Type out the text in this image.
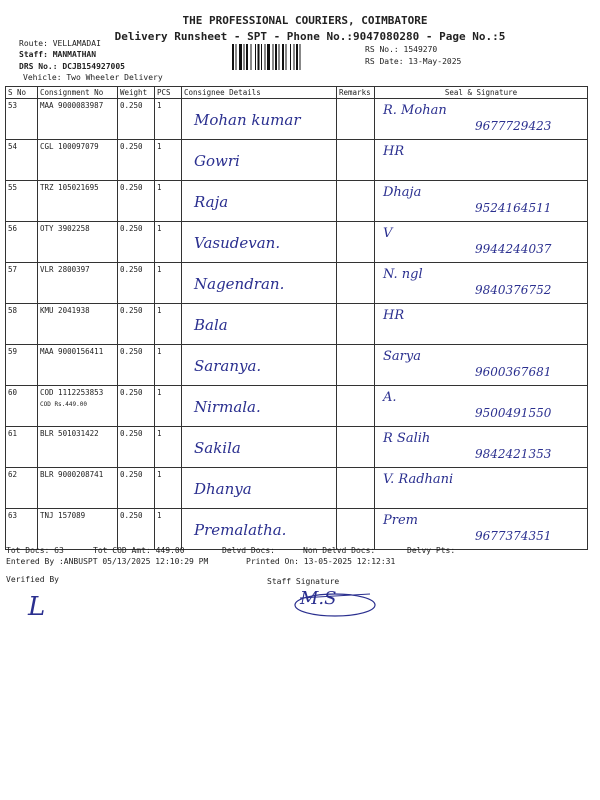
THE PROFESSIONAL COURIERS, COIMBATORE
Delivery Runsheet - SPT - Phone No.:9047080280 - Page No.:5
Route: VELLAMADAI
Staff: MANMATHAN
DRS No.: DCJB154927005
Vehicle: Two Wheeler Delivery
RS No.: 1549270
RS Date: 13-May-2025
S No	Consignment No	Weight	PCS	Consignee Details	Remarks	Seal & Signature
53	MAA 9000083987	0.250	1	Mohan kumar		R. Mohan
9677729423

54	CGL 100097079	0.250	1	Gowri		HR

55	TRZ 105021695	0.250	1	Raja		Dhaja
9524164511

56	OTY 3902258	0.250	1	Vasudevan.		V
9944244037

57	VLR 2800397	0.250	1	Nagendran.		N. ngl
9840376752

58	KMU 2041938	0.250	1	Bala		HR

59	MAA 9000156411	0.250	1	Saranya.		Sarya
9600367681

60	COD 1112253853
COD Rs.449.00	0.250	1	Nirmala.		A.
9500491550

61	BLR 501031422	0.250	1	Sakila		R Salih
9842421353

62	BLR 9000208741	0.250	1	Dhanya		V. Radhani

63	TNJ 157089	0.250	1	Premalatha.		Prem
9677374351
Tot Docs: 63	Tot COD Amt: 449.00	Delvd Docs:	Non Delvd Docs:	Delvy Pts:
Entered By :ANBUSPT 05/13/2025 12:10:29 PM	Printed On: 13-05-2025 12:12:31
Verified By	Staff Signature
L	M.S
